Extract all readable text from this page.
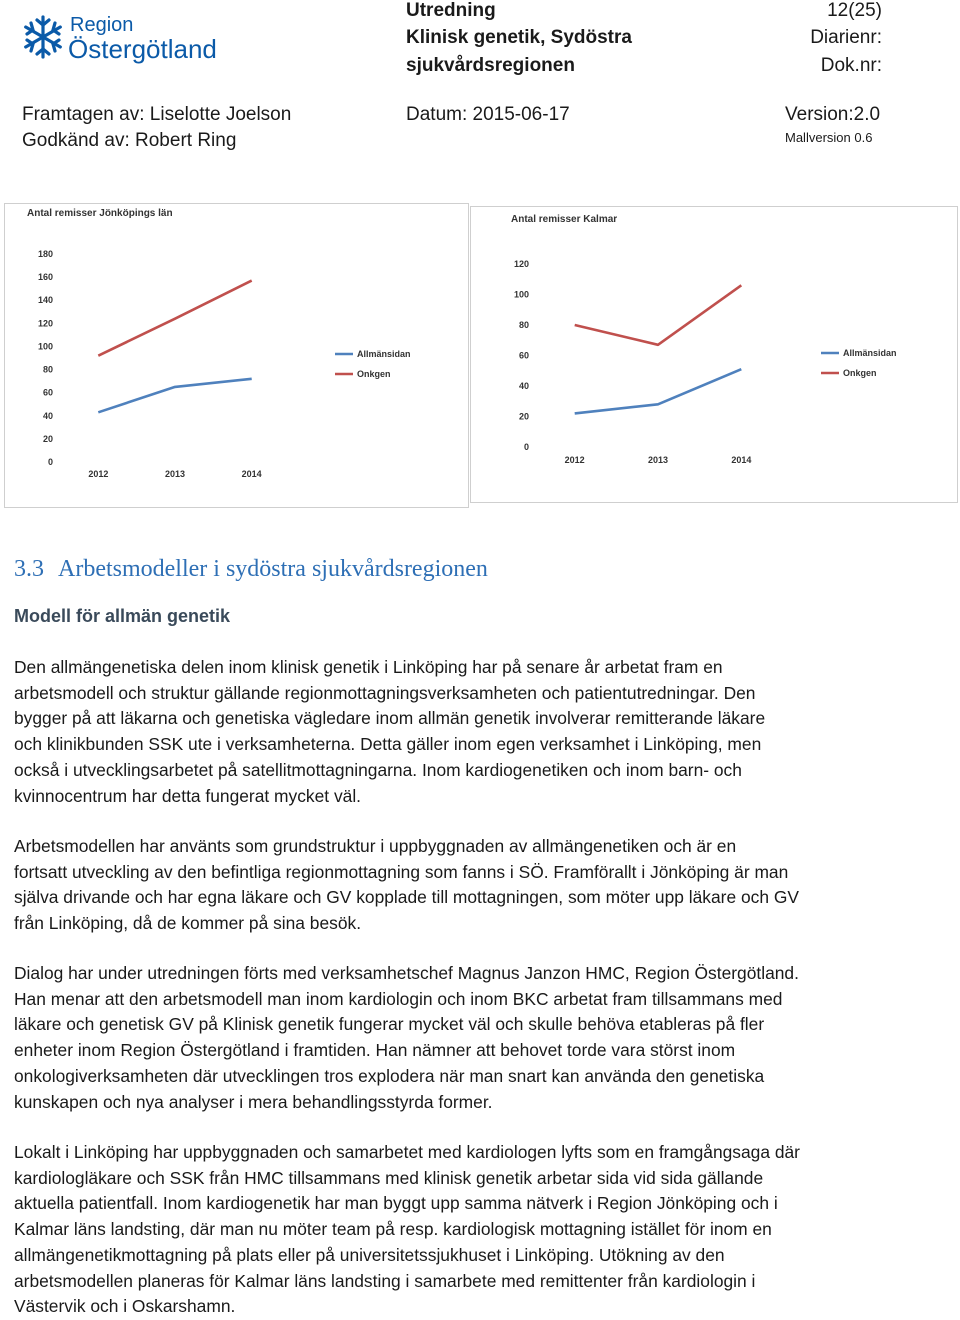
Region
Östergötland
Utredning
Klinisk genetik, Sydöstra
sjukvårdsregionen
12(25)
Diarienr:
Dok.nr:
Framtagen av: Liselotte Joelson
Godkänd av: Robert Ring
Datum: 2015-06-17	Version:2.0
Mallversion 0.6
Antal remisser Jönköpings län
0
20
40
60
80
100
120
140
160
180
2012	2013	2014
Allmänsidan
Onkgen
Antal remisser Kalmar
0
20
40
60
80
100
120
2012	2013	2014
Allmänsidan
Onkgen
3.3 Arbetsmodeller i sydöstra sjukvårdsregionen
Modell för allmän genetik

Den allmängenetiska delen inom klinisk genetik i Linköping har på senare år arbetat fram en

arbetsmodell och struktur gällande regionmottagningsverksamheten och patientutredningar. Den

bygger på att läkarna och genetiska vägledare inom allmän genetik involverar remitterande läkare

och klinikbunden SSK ute i verksamheterna. Detta gäller inom egen verksamhet i Linköping, men

också i utvecklingsarbetet på satellitmottagningarna. Inom kardiogenetiken och inom barn- och

kvinnocentrum har detta fungerat mycket väl.

Arbetsmodellen har använts som grundstruktur i uppbyggnaden av allmängenetiken och är en

fortsatt utveckling av den befintliga regionmottagning som fanns i SÖ. Framförallt i Jönköping är man

själva drivande och har egna läkare och GV kopplade till mottagningen, som möter upp läkare och GV

från Linköping, då de kommer på sina besök.

Dialog har under utredningen förts med verksamhetschef Magnus Janzon HMC, Region Östergötland.

Han menar att den arbetsmodell man inom kardiologin och inom BKC arbetat fram tillsammans med

läkare och genetisk GV på Klinisk genetik fungerar mycket väl och skulle behöva etableras på fler

enheter inom Region Östergötland i framtiden. Han nämner att behovet torde vara störst inom

onkologiverksamheten där utvecklingen tros explodera när man snart kan använda den genetiska

kunskapen och nya analyser i mera behandlingsstyrda former.

Lokalt i Linköping har uppbyggnaden och samarbetet med kardiologen lyfts som en framgångsaga där

kardiologläkare och SSK från HMC tillsammans med klinisk genetik arbetar sida vid sida gällande

aktuella patientfall. Inom kardiogenetik har man byggt upp samma nätverk i Region Jönköping och i

Kalmar läns landsting, där man nu möter team på resp. kardiologisk mottagning istället för inom en

allmängenetikmottagning på plats eller på universitetssjukhuset i Linköping. Utökning av den

arbetsmodellen planeras för Kalmar läns landsting i samarbete med remittenter från kardiologin i

Västervik och i Oskarshamn.
